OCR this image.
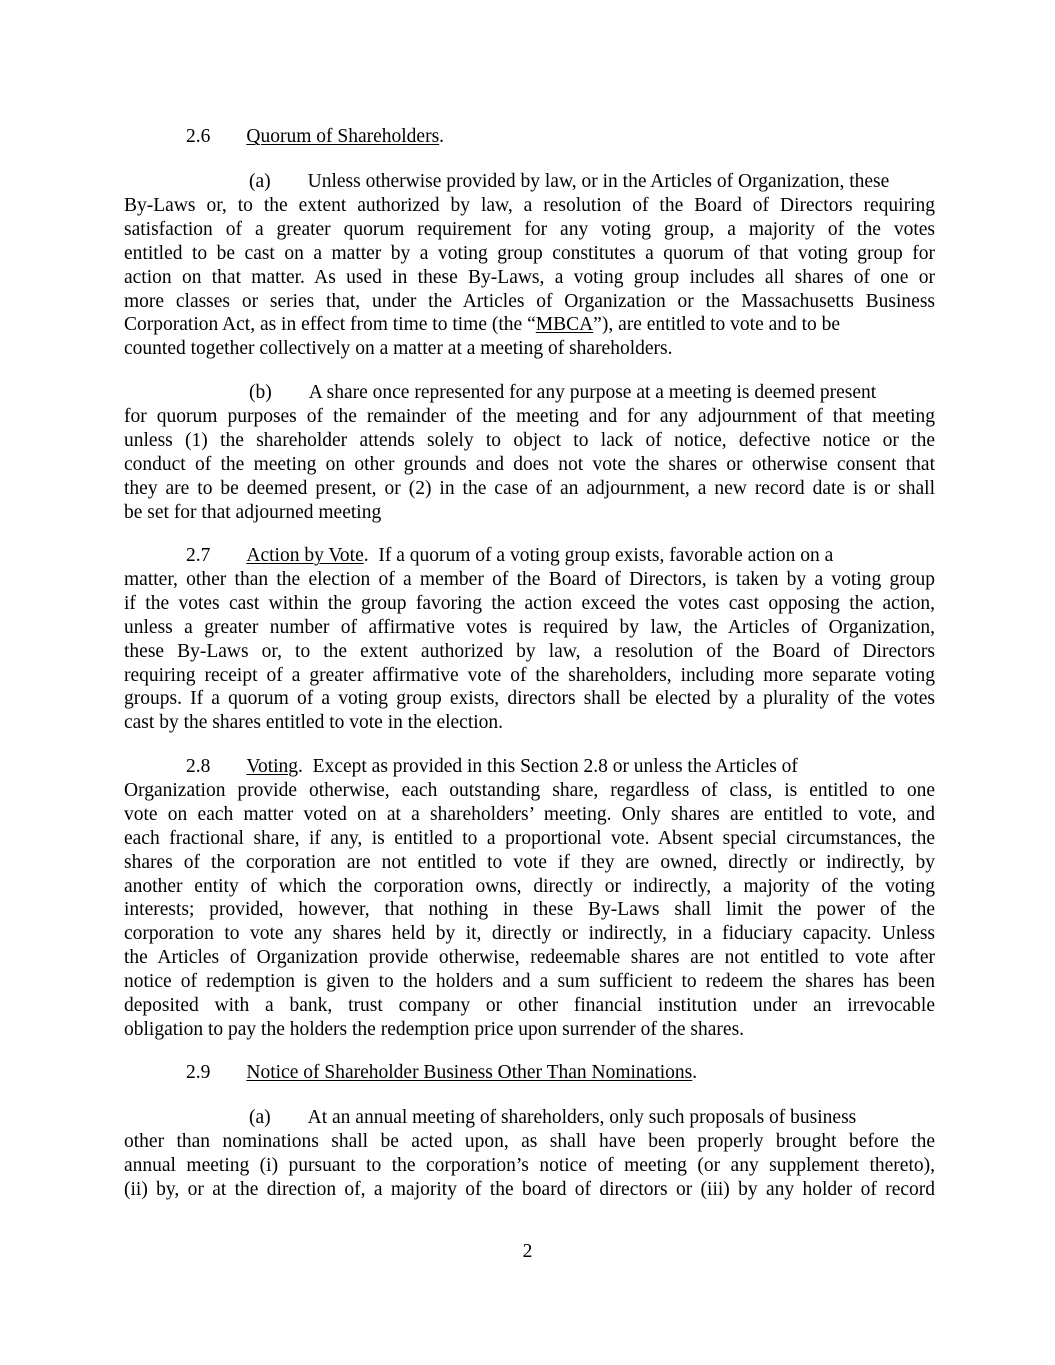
2.6 Quorum of Shareholders.
(a) Unless otherwise provided by law, or in the Articles of Organization, these
By-Laws or, to the extent authorized by law, a resolution of the Board of Directors requiring
satisfaction of a greater quorum requirement for any voting group, a majority of the votes
entitled to be cast on a matter by a voting group constitutes a quorum of that voting group for
action on that matter. As used in these By-Laws, a voting group includes all shares of one or
more classes or series that, under the Articles of Organization or the Massachusetts Business
Corporation Act, as in effect from time to time (the “MBCA”), are entitled to vote and to be
counted together collectively on a matter at a meeting of shareholders.
(b) A share once represented for any purpose at a meeting is deemed present
for quorum purposes of the remainder of the meeting and for any adjournment of that meeting
unless (1) the shareholder attends solely to object to lack of notice, defective notice or the
conduct of the meeting on other grounds and does not vote the shares or otherwise consent that
they are to be deemed present, or (2) in the case of an adjournment, a new record date is or shall
be set for that adjourned meeting
2.7 Action by Vote.  If a quorum of a voting group exists, favorable action on a
matter, other than the election of a member of the Board of Directors, is taken by a voting group
if the votes cast within the group favoring the action exceed the votes cast opposing the action,
unless a greater number of affirmative votes is required by law, the Articles of Organization,
these By-Laws or, to the extent authorized by law, a resolution of the Board of Directors
requiring receipt of a greater affirmative vote of the shareholders, including more separate voting
groups. If a quorum of a voting group exists, directors shall be elected by a plurality of the votes
cast by the shares entitled to vote in the election.
2.8 Voting.  Except as provided in this Section 2.8 or unless the Articles of
Organization provide otherwise, each outstanding share, regardless of class, is entitled to one
vote on each matter voted on at a shareholders’ meeting. Only shares are entitled to vote, and
each fractional share, if any, is entitled to a proportional vote. Absent special circumstances, the
shares of the corporation are not entitled to vote if they are owned, directly or indirectly, by
another entity of which the corporation owns, directly or indirectly, a majority of the voting
interests; provided, however, that nothing in these By-Laws shall limit the power of the
corporation to vote any shares held by it, directly or indirectly, in a fiduciary capacity. Unless
the Articles of Organization provide otherwise, redeemable shares are not entitled to vote after
notice of redemption is given to the holders and a sum sufficient to redeem the shares has been
deposited with a bank, trust company or other financial institution under an irrevocable
obligation to pay the holders the redemption price upon surrender of the shares.
2.9 Notice of Shareholder Business Other Than Nominations.
(a) At an annual meeting of shareholders, only such proposals of business
other than nominations shall be acted upon, as shall have been properly brought before the
annual meeting (i) pursuant to the corporation’s notice of meeting (or any supplement thereto),
(ii) by, or at the direction of, a majority of the board of directors or (iii) by any holder of record
2
